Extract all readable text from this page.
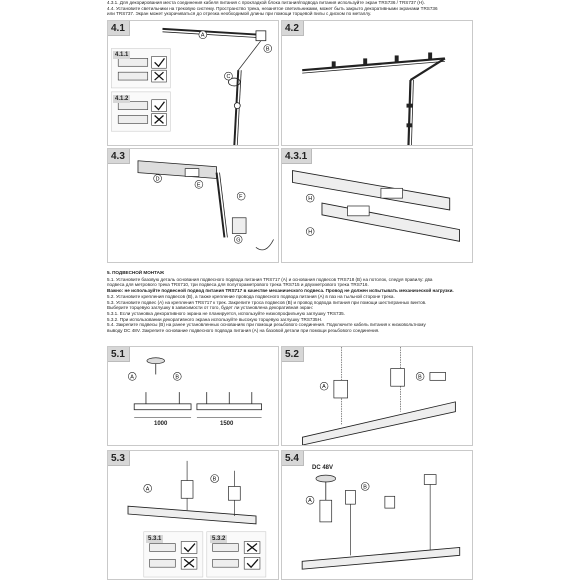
4.3.1. Для декорирования места соединения кабеля питания с прокладкой блока питания/подвода питания используйте экран TRS736 / TRS737 (Н).

4.4. Установите светильники на трековую систему. Пространство трека, незанятое светильниками, может быть закрыто декоративными экранами TRS736

или TRS737. Экран может укорачиваться до отрезка необходимой длины при помощи торцевой пилы с диском по металлу.

4.1
A
B
C
4.1.1
4.1.2
4.2
4.3
D
E
F
G
4.3.1
H
H

5. ПОДВЕСНОЙ МОНТАЖ

5.1. Установите базовую деталь основания подвесного подвода питания TRS717 (A) и основания подвесов TRS718 (B) на потолок, следуя правилу: два

подвеса для метрового трека TRS710, три подвеса для полутораметрового трека TRS715 и двухметрового трека TRS716.

Важно: не используйте подвесной подвод питания TRS717 в качестве механического подвеса. Провод не должен испытывать механической нагрузки.

5.2. Установите крепления подвесов (B), а также крепление провода подвесного подвода питания (A) в паз на тыльной стороне трека.

5.3. Установите подвес (A) на крепления TRS717 к трек. Закрепите троса подвесов (B) и провод подвода питания при помощи шестигранных винтов.

Выберите торцевую заглушку в зависимости от того, будет ли установлена декоративная экран:

5.3.1. Если установка декоративного экрана не планируется, используйте низкопрофильную заглушку TRS735.

5.3.2. При использовании декоративного экрана используйте высокую торцевую заглушку TRS735H.

5.4. Закрепите подвесы (B) на ранее установленных основаниях при помощи резьбового соединения. Подключите кабель питания к низковольтному

выводу DC 48V. Закрепите основание подвесного подвода питания (A) на базовой детали при помощи резьбового соединения.

5.1
A	B
1000	1500
5.2
A
B
5.3
A
B
5.3.1	5.3.2
5.4
A
B
DC 48V
